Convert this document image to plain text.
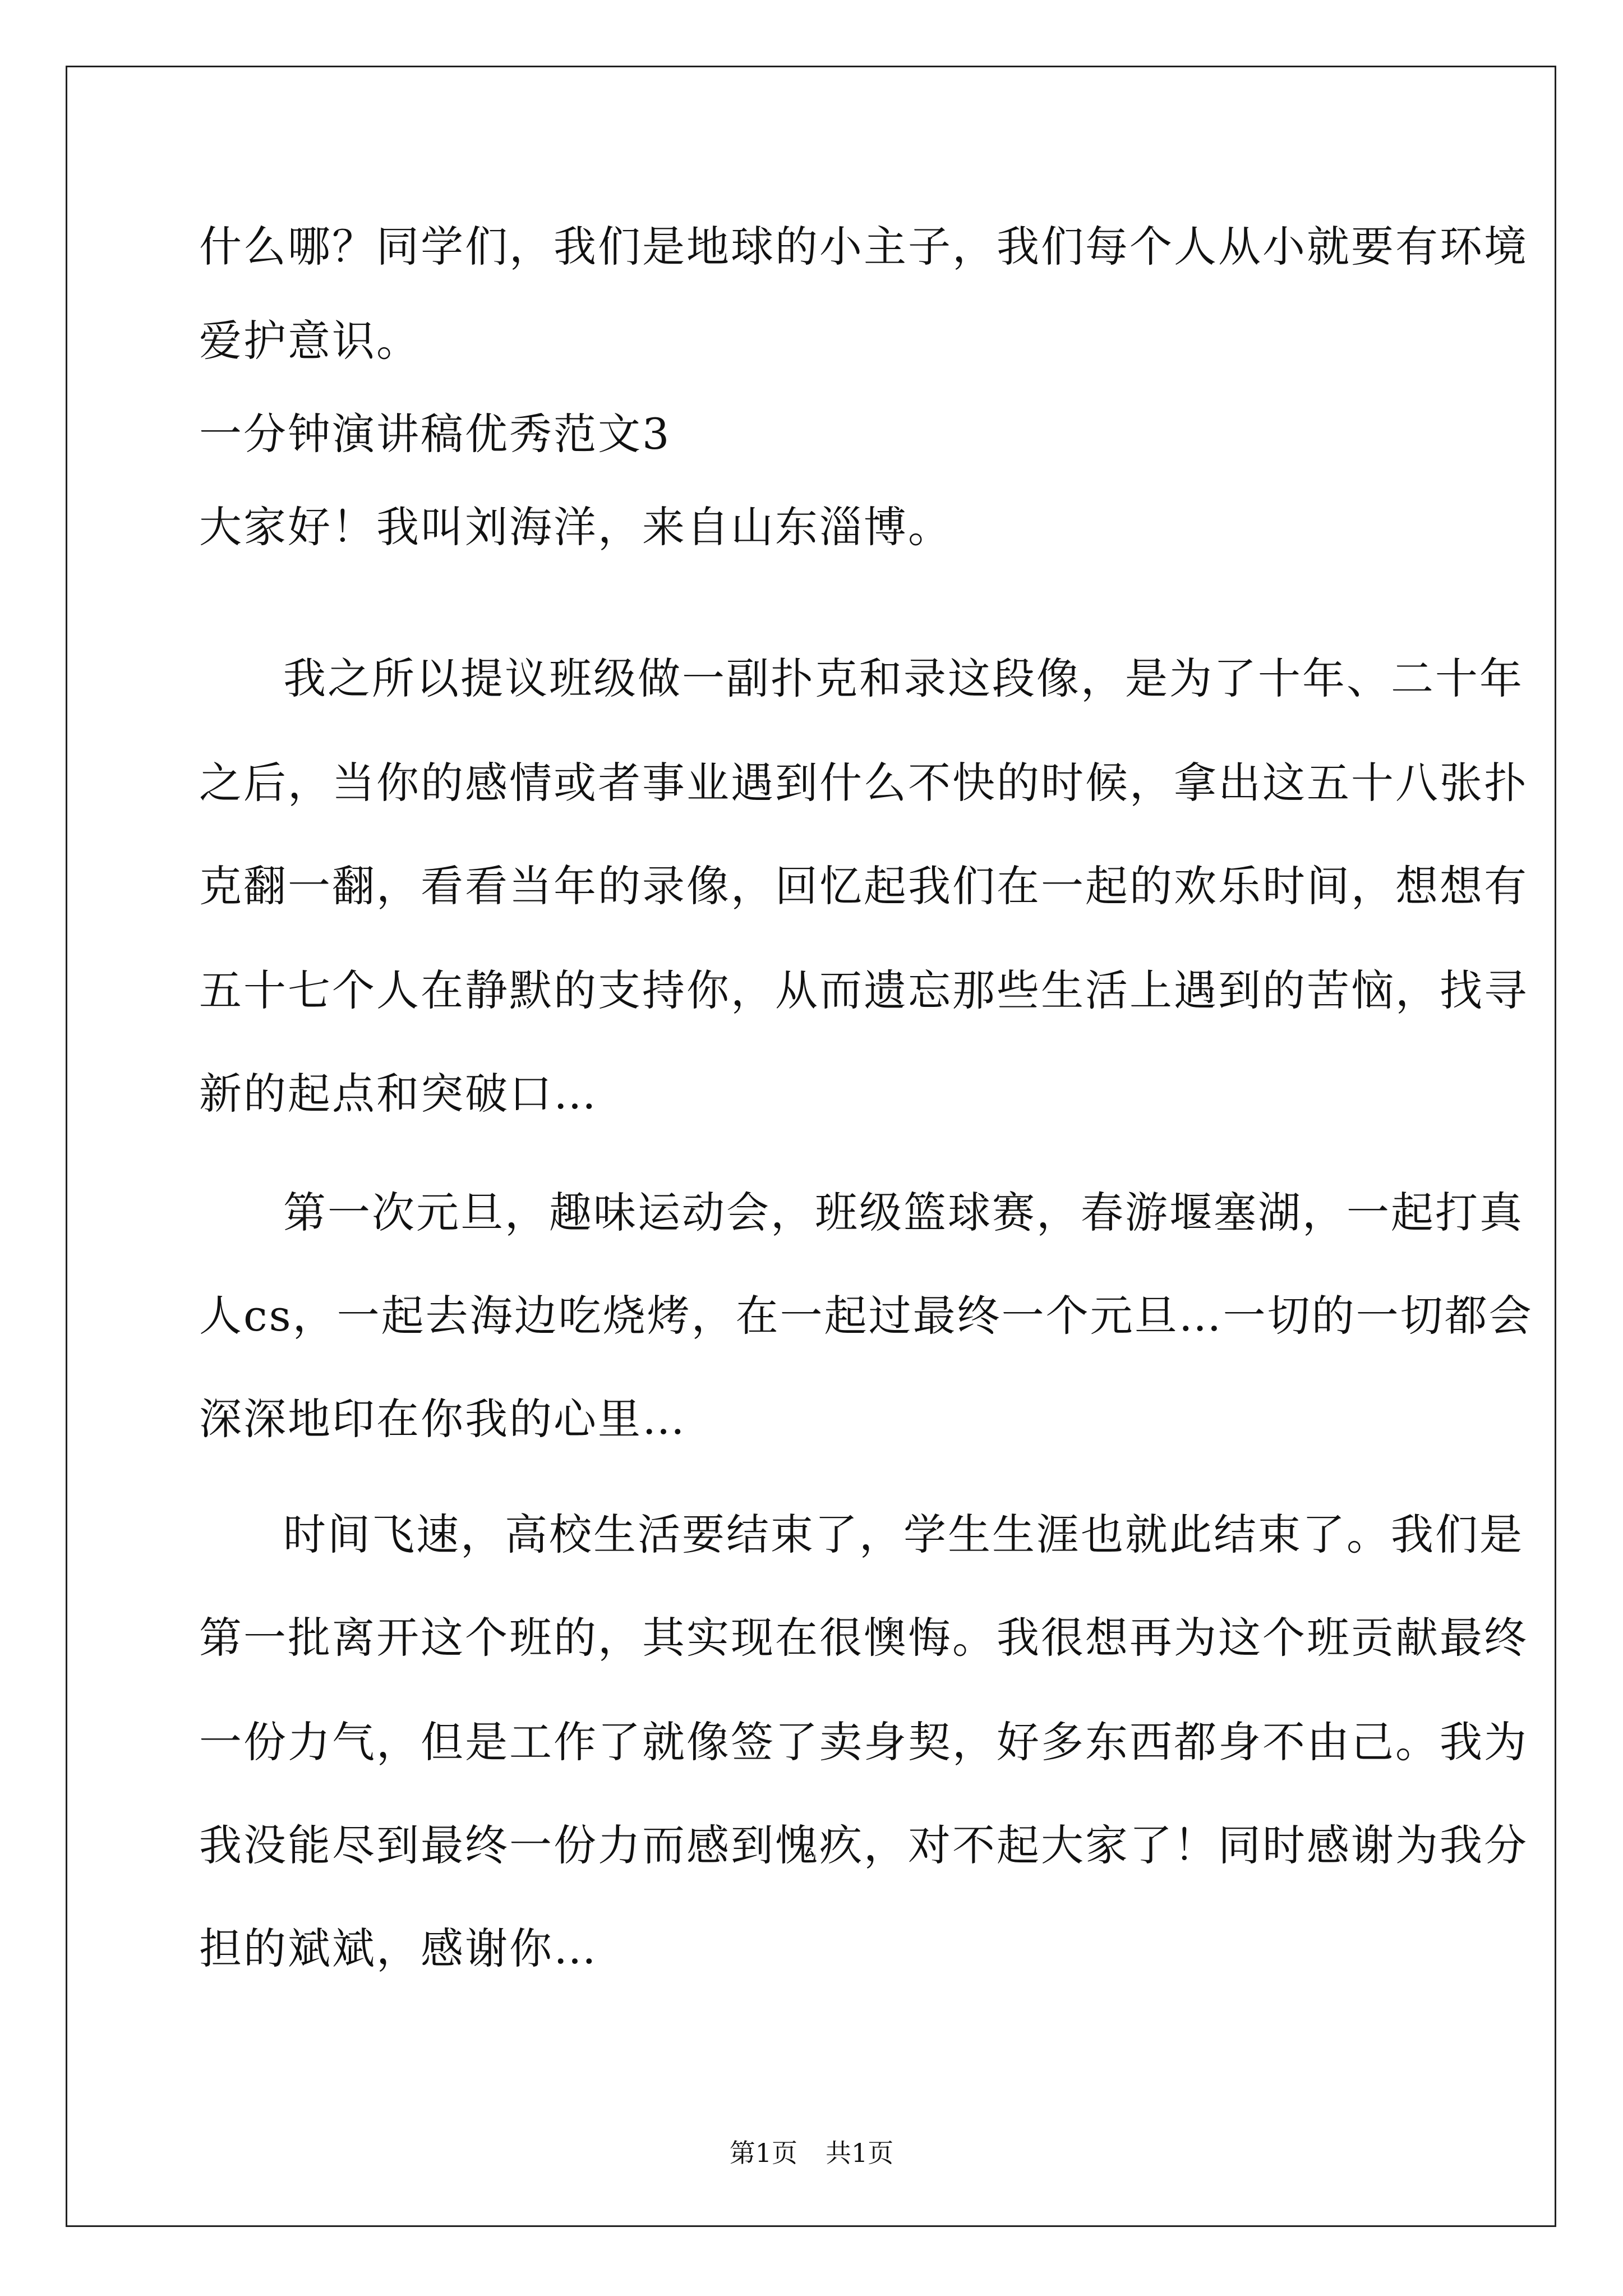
什么哪？同学们，我们是地球的小主子，我们每个人从小就要有环境
爱护意识。
一分钟演讲稿优秀范文3
大家好！我叫刘海洋，来自山东淄博。
我之所以提议班级做一副扑克和录这段像，是为了十年、二十年
之后，当你的感情或者事业遇到什么不快的时候，拿出这五十八张扑
克翻一翻，看看当年的录像，回忆起我们在一起的欢乐时间，想想有
五十七个人在静默的支持你，从而遗忘那些生活上遇到的苦恼，找寻
新的起点和突破口…
第一次元旦，趣味运动会，班级篮球赛，春游堰塞湖，一起打真
人cs，一起去海边吃烧烤，在一起过最终一个元旦…一切的一切都会
深深地印在你我的心里…
时间飞速，高校生活要结束了，学生生涯也就此结束了。我们是
第一批离开这个班的，其实现在很懊悔。我很想再为这个班贡献最终
一份力气，但是工作了就像签了卖身契，好多东西都身不由己。我为
我没能尽到最终一份力而感到愧疚，对不起大家了！同时感谢为我分
担的斌斌，感谢你…
第1页 共1页
